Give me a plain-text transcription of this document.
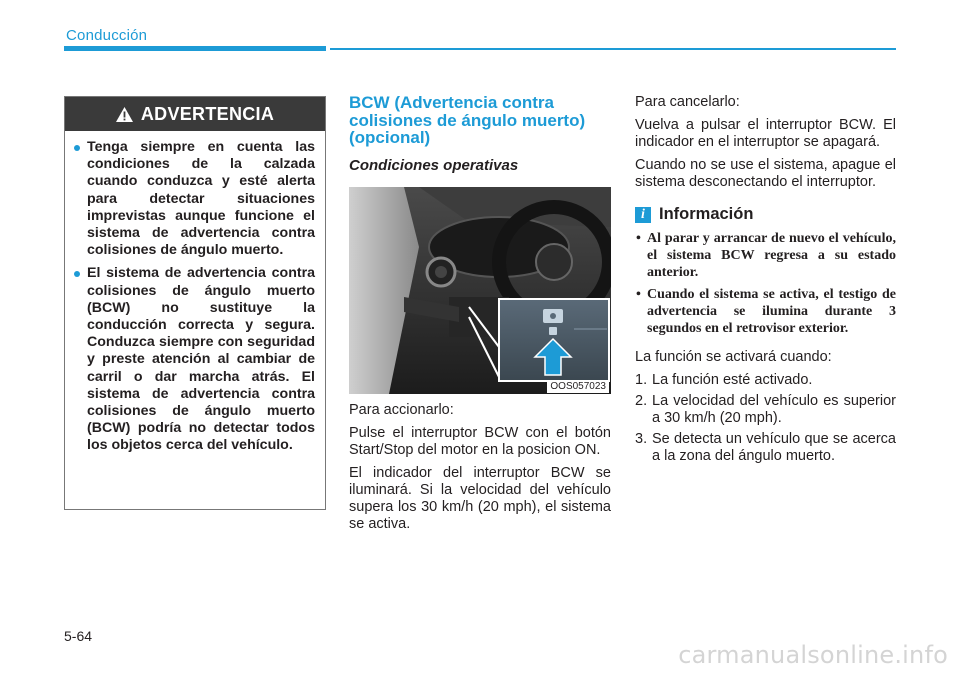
Conducción
ADVERTENCIA
Tenga siempre en cuenta las condiciones de la calzada cuando conduzca y esté alerta para detectar situaciones imprevistas aunque funcione el sistema de advertencia contra colisiones de ángulo muerto.
El sistema de advertencia contra colisiones de ángulo muerto (BCW) no sustituye la conducción correcta y segura. Conduzca siempre con seguridad y preste atención al cambiar de carril o dar marcha atrás. El sistema de advertencia contra colisiones de ángulo muerto (BCW) podría no detectar todos los objetos cerca del vehículo.
BCW (Advertencia contra colisiones de ángulo muerto) (opcional)
Condiciones operativas
OOS057023

Para accionarlo:

Pulse el interruptor BCW con el botón Start/Stop del motor en la posicion ON.

El indicador del interruptor BCW se iluminará. Si la velocidad del vehículo supera los 30 km/h (20 mph), el sistema se activa.

Para cancelarlo:

Vuelva a pulsar el interruptor BCW. El indicador en el interruptor se apagará.

Cuando no se use el sistema, apague el sistema desconectando el interruptor.

i Información
• Al parar y arrancar de nuevo el vehículo, el sistema BCW regresa a su estado anterior.
• Cuando el sistema se activa, el testigo de advertencia se ilumina durante 3 segundos en el retrovisor exterior.

La función se activará cuando:

1. La función esté activado.
2. La velocidad del vehículo es superior a 30 km/h (20 mph).
3. Se detecta un vehículo que se acerca a la zona del ángulo muerto.
5-64
carmanualsonline.info
